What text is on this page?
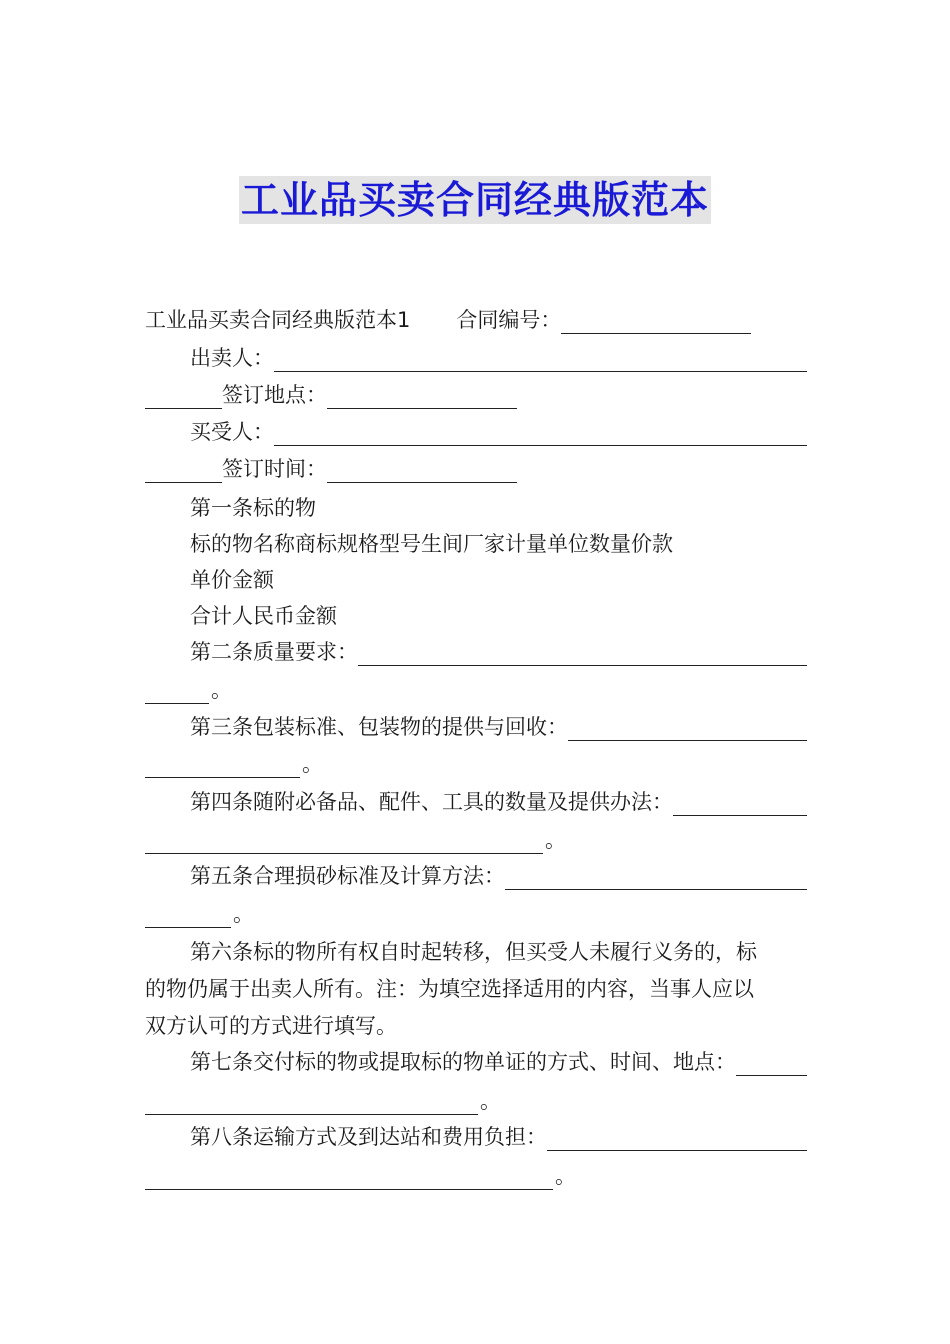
工业品买卖合同经典版范本
工业品买卖合同经典版范本1 合同编号：
出卖人：
签订地点：
买受人：
签订时间：
第一条标的物
标的物名称商标规格型号生间厂家计量单位数量价款
单价金额
合计人民币金额
第二条质量要求：
。
第三条包装标准、包装物的提供与回收：
。
第四条随附必备品、配件、工具的数量及提供办法：
。
第五条合理损砂标准及计算方法：
。
第六条标的物所有权自时起转移，但买受人未履行义务的，标
的物仍属于出卖人所有。注：为填空选择适用的内容，当事人应以
双方认可的方式进行填写。
第七条交付标的物或提取标的物单证的方式、时间、地点：
。
第八条运输方式及到达站和费用负担：
。
